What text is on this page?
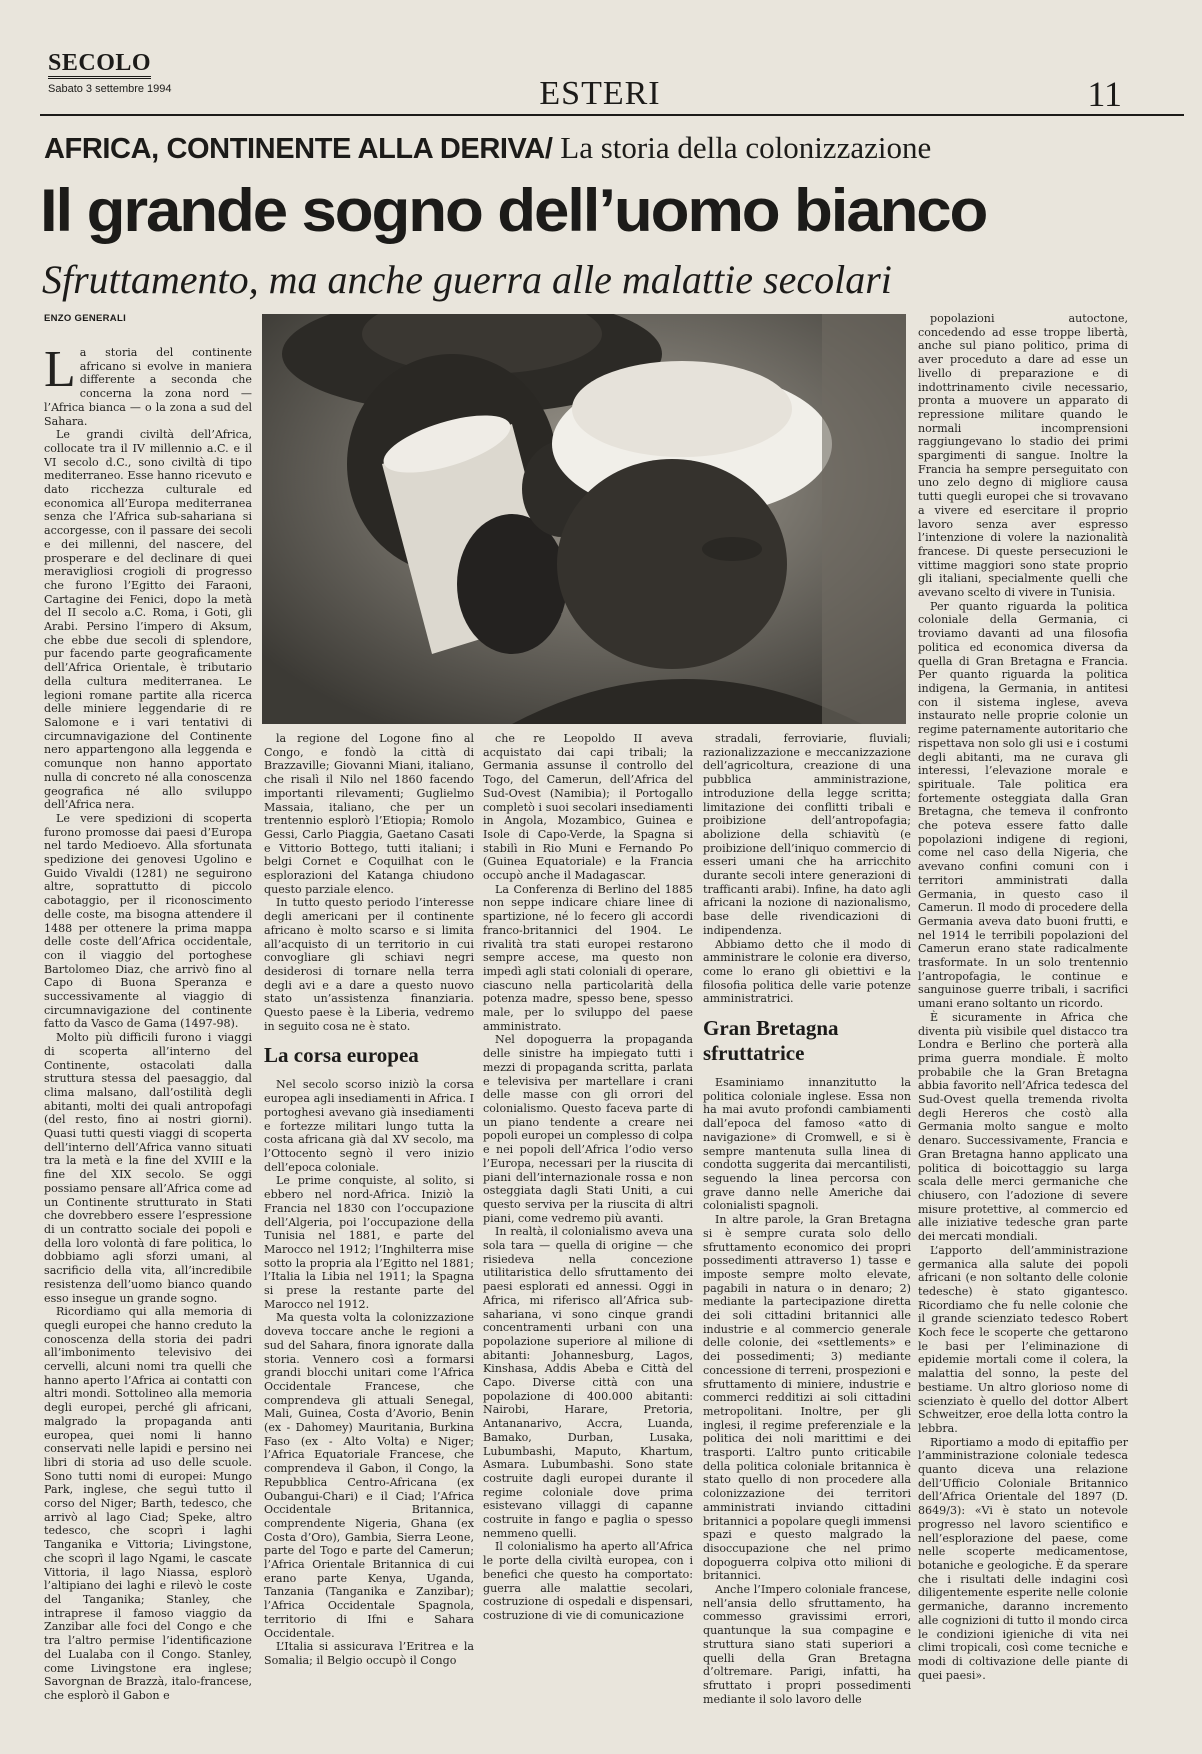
SECOLO
Sabato 3 settembre 1994	ESTERI	11
AFRICA, CONTINENTE ALLA DERIVA/ La storia della colonizzazione
Il grande sogno dell’uomo bianco
Sfruttamento, ma anche guerra alle malattie secolari
ENZO GENERALI

La storia del continente africano si evolve in maniera differente a seconda che concerna la zona nord — l’Africa bianca — o la zona a sud del Sahara.

Le grandi civiltà dell’Africa, collocate tra il IV millennio a.C. e il VI secolo d.C., sono civiltà di tipo mediterraneo. Esse hanno ricevuto e dato ricchezza culturale ed economica all’Europa mediterranea senza che l’Africa sub-sahariana si accorgesse, con il passare dei secoli e dei millenni, del nascere, del prosperare e del declinare di quei meravigliosi crogioli di progresso che furono l’Egitto dei Faraoni, Cartagine dei Fenici, dopo la metà del II secolo a.C. Roma, i Goti, gli Arabi. Persino l’impero di Aksum, che ebbe due secoli di splendore, pur facendo parte geograficamente dell’Africa Orientale, è tributario della cultura mediterranea. Le legioni romane partite alla ricerca delle miniere leggendarie di re Salomone e i vari tentativi di circumnavigazione del Continente nero appartengono alla leggenda e comunque non hanno apportato nulla di concreto né alla conoscenza geografica né allo sviluppo dell’Africa nera.

Le vere spedizioni di scoperta furono promosse dai paesi d’Europa nel tardo Medioevo. Alla sfortunata spedizione dei genovesi Ugolino e Guido Vivaldi (1281) ne seguirono altre, soprattutto di piccolo cabotaggio, per il riconoscimento delle coste, ma bisogna attendere il 1488 per ottenere la prima mappa delle coste dell’Africa occidentale, con il viaggio del portoghese Bartolomeo Diaz, che arrivò fino al Capo di Buona Speranza e successivamente al viaggio di circumnavigazione del continente fatto da Vasco de Gama (1497-98).

Molto più difficili furono i viaggi di scoperta all’interno del Continente, ostacolati dalla struttura stessa del paesaggio, dal clima malsano, dall’ostilità degli abitanti, molti dei quali antropofagi (del resto, fino ai nostri giorni). Quasi tutti questi viaggi di scoperta dell’interno dell’Africa vanno situati tra la metà e la fine del XVIII e la fine del XIX secolo. Se oggi possiamo pensare all’Africa come ad un Continente strutturato in Stati che dovrebbero essere l’espressione di un contratto sociale dei popoli e della loro volontà di fare politica, lo dobbiamo agli sforzi umani, al sacrificio della vita, all’incredibile resistenza dell’uomo bianco quando esso insegue un grande sogno.

Ricordiamo qui alla memoria di quegli europei che hanno creduto la conoscenza della storia dei padri all’imbonimento televisivo dei cervelli, alcuni nomi tra quelli che hanno aperto l’Africa ai contatti con altri mondi. Sottolineo alla memoria degli europei, perché gli africani, malgrado la propaganda anti europea, quei nomi li hanno conservati nelle lapidi e persino nei libri di storia ad uso delle scuole. Sono tutti nomi di europei: Mungo Park, inglese, che seguì tutto il corso del Niger; Barth, tedesco, che arrivò al lago Ciad; Speke, altro tedesco, che scoprì i laghi Tanganika e Vittoria; Livingstone, che scoprì il lago Ngami, le cascate Vittoria, il lago Niassa, esplorò l’altipiano dei laghi e rilevò le coste del Tanganika; Stanley, che intraprese il famoso viaggio da Zanzibar alle foci del Congo e che tra l’altro permise l’identificazione del Lualaba con il Congo. Stanley, come Livingstone era inglese; Savorgnan de Brazzà, italo-francese, che esplorò il Gabon e

la regione del Logone fino al Congo, e fondò la città di Brazzaville; Giovanni Miani, italiano, che risalì il Nilo nel 1860 facendo importanti rilevamenti; Guglielmo Massaia, italiano, che per un trentennio esplorò l’Etiopia; Romolo Gessi, Carlo Piaggia, Gaetano Casati e Vittorio Bottego, tutti italiani; i belgi Cornet e Coquilhat con le esplorazioni del Katanga chiudono questo parziale elenco.

In tutto questo periodo l’interesse degli americani per il continente africano è molto scarso e si limita all’acquisto di un territorio in cui convogliare gli schiavi negri desiderosi di tornare nella terra degli avi e a dare a questo nuovo stato un’assistenza finanziaria. Questo paese è la Liberia, vedremo in seguito cosa ne è stato.

La corsa europea

Nel secolo scorso iniziò la corsa europea agli insediamenti in Africa. I portoghesi avevano già insediamenti e fortezze militari lungo tutta la costa africana già dal XV secolo, ma l’Ottocento segnò il vero inizio dell’epoca coloniale.

Le prime conquiste, al solito, si ebbero nel nord-Africa. Iniziò la Francia nel 1830 con l’occupazione dell’Algeria, poi l’occupazione della Tunisia nel 1881, e parte del Marocco nel 1912; l’Inghilterra mise sotto la propria ala l’Egitto nel 1881; l’Italia la Libia nel 1911; la Spagna si prese la restante parte del Marocco nel 1912.

Ma questa volta la colonizzazione doveva toccare anche le regioni a sud del Sahara, finora ignorate dalla storia. Vennero così a formarsi grandi blocchi unitari come l’Africa Occidentale Francese, che comprendeva gli attuali Senegal, Mali, Guinea, Costa d’Avorio, Benin (ex - Dahomey) Mauritania, Burkina Faso (ex - Alto Volta) e Niger; l’Africa Equatoriale Francese, che comprendeva il Gabon, il Congo, la Repubblica Centro-Africana (ex Oubangui-Chari) e il Ciad; l’Africa Occidentale Britannica, comprendente Nigeria, Ghana (ex Costa d’Oro), Gambia, Sierra Leone, parte del Togo e parte del Camerun; l’Africa Orientale Britannica di cui erano parte Kenya, Uganda, Tanzania (Tanganika e Zanzibar); l’Africa Occidentale Spagnola, territorio di Ifni e Sahara Occidentale.

L’Italia si assicurava l’Eritrea e la Somalia; il Belgio occupò il Congo

che re Leopoldo II aveva acquistato dai capi tribali; la Germania assunse il controllo del Togo, del Camerun, dell’Africa del Sud-Ovest (Namibia); il Portogallo completò i suoi secolari insediamenti in Angola, Mozambico, Guinea e Isole di Capo-Verde, la Spagna si stabilì in Rio Muni e Fernando Po (Guinea Equatoriale) e la Francia occupò anche il Madagascar.

La Conferenza di Berlino del 1885 non seppe indicare chiare linee di spartizione, né lo fecero gli accordi franco-britannici del 1904. Le rivalità tra stati europei restarono sempre accese, ma questo non impedì agli stati coloniali di operare, ciascuno nella particolarità della potenza madre, spesso bene, spesso male, per lo sviluppo del paese amministrato.

Nel dopoguerra la propaganda delle sinistre ha impiegato tutti i mezzi di propaganda scritta, parlata e televisiva per martellare i crani delle masse con gli orrori del colonialismo. Questo faceva parte di un piano tendente a creare nei popoli europei un complesso di colpa e nei popoli dell’Africa l’odio verso l’Europa, necessari per la riuscita di piani dell’internazionale rossa e non osteggiata dagli Stati Uniti, a cui questo serviva per la riuscita di altri piani, come vedremo più avanti.

In realtà, il colonialismo aveva una sola tara — quella di origine — che risiedeva nella concezione utilitaristica dello sfruttamento dei paesi esplorati ed annessi. Oggi in Africa, mi riferisco all’Africa sub-sahariana, vi sono cinque grandi concentramenti urbani con una popolazione superiore al milione di abitanti: Johannesburg, Lagos, Kinshasa, Addis Abeba e Città del Capo. Diverse città con una popolazione di 400.000 abitanti: Nairobi, Harare, Pretoria, Antananarivo, Accra, Luanda, Bamako, Durban, Lusaka, Lubumbashi, Maputo, Khartum, Asmara. Lubumbashi. Sono state costruite dagli europei durante il regime coloniale dove prima esistevano villaggi di capanne costruite in fango e paglia o spesso nemmeno quelli.

Il colonialismo ha aperto all’Africa le porte della civiltà europea, con i benefici che questo ha comportato: guerra alle malattie secolari, costruzione di ospedali e dispensari, costruzione di vie di comunicazione

stradali, ferroviarie, fluviali; razionalizzazione e meccanizzazione dell’agricoltura, creazione di una pubblica amministrazione, introduzione della legge scritta; limitazione dei conflitti tribali e proibizione dell’antropofagia; abolizione della schiavitù (e proibizione dell’iniquo commercio di esseri umani che ha arricchito durante secoli intere generazioni di trafficanti arabi). Infine, ha dato agli africani la nozione di nazionalismo, base delle rivendicazioni di indipendenza.

Abbiamo detto che il modo di amministrare le colonie era diverso, come lo erano gli obiettivi e la filosofia politica delle varie potenze amministratrici.

Gran Bretagna sfruttatrice

Esaminiamo innanzitutto la politica coloniale inglese. Essa non ha mai avuto profondi cambiamenti dall’epoca del famoso «atto di navigazione» di Cromwell, e si è sempre mantenuta sulla linea di condotta suggerita dai mercantilisti, seguendo la linea percorsa con grave danno nelle Americhe dai colonialisti spagnoli.

In altre parole, la Gran Bretagna si è sempre curata solo dello sfruttamento economico dei propri possedimenti attraverso 1) tasse e imposte sempre molto elevate, pagabili in natura o in denaro; 2) mediante la partecipazione diretta dei soli cittadini britannici alle industrie e al commercio generale delle colonie, dei «settlements» e dei possedimenti; 3) mediante concessione di terreni, prospezioni e sfruttamento di miniere, industrie e commerci redditizi ai soli cittadini metropolitani. Inoltre, per gli inglesi, il regime preferenziale e la politica dei noli marittimi e dei trasporti. L’altro punto criticabile della politica coloniale britannica è stato quello di non procedere alla colonizzazione dei territori amministrati inviando cittadini britannici a popolare quegli immensi spazi e questo malgrado la disoccupazione che nel primo dopoguerra colpiva otto milioni di britannici.

Anche l’Impero coloniale francese, nell’ansia dello sfruttamento, ha commesso gravissimi errori, quantunque la sua compagine e struttura siano stati superiori a quelli della Gran Bretagna d’oltremare. Parigi, infatti, ha sfruttato i propri possedimenti mediante il solo lavoro delle

popolazioni autoctone, concedendo ad esse troppe libertà, anche sul piano politico, prima di aver proceduto a dare ad esse un livello di preparazione e di indottrinamento civile necessario, pronta a muovere un apparato di repressione militare quando le normali incomprensioni raggiungevano lo stadio dei primi spargimenti di sangue. Inoltre la Francia ha sempre perseguitato con uno zelo degno di migliore causa tutti quegli europei che si trovavano a vivere ed esercitare il proprio lavoro senza aver espresso l’intenzione di volere la nazionalità francese. Di queste persecuzioni le vittime maggiori sono state proprio gli italiani, specialmente quelli che avevano scelto di vivere in Tunisia.

Per quanto riguarda la politica coloniale della Germania, ci troviamo davanti ad una filosofia politica ed economica diversa da quella di Gran Bretagna e Francia. Per quanto riguarda la politica indigena, la Germania, in antitesi con il sistema inglese, aveva instaurato nelle proprie colonie un regime paternamente autoritario che rispettava non solo gli usi e i costumi degli abitanti, ma ne curava gli interessi, l’elevazione morale e spirituale. Tale politica era fortemente osteggiata dalla Gran Bretagna, che temeva il confronto che poteva essere fatto dalle popolazioni indigene di regioni, come nel caso della Nigeria, che avevano confini comuni con i territori amministrati dalla Germania, in questo caso il Camerun. Il modo di procedere della Germania aveva dato buoni frutti, e nel 1914 le terribili popolazioni del Camerun erano state radicalmente trasformate. In un solo trentennio l’antropofagia, le continue e sanguinose guerre tribali, i sacrifici umani erano soltanto un ricordo.

È sicuramente in Africa che diventa più visibile quel distacco tra Londra e Berlino che porterà alla prima guerra mondiale. È molto probabile che la Gran Bretagna abbia favorito nell’Africa tedesca del Sud-Ovest quella tremenda rivolta degli Hereros che costò alla Germania molto sangue e molto denaro. Successivamente, Francia e Gran Bretagna hanno applicato una politica di boicottaggio su larga scala delle merci germaniche che chiusero, con l’adozione di severe misure protettive, al commercio ed alle iniziative tedesche gran parte dei mercati mondiali.

L’apporto dell’amministrazione germanica alla salute dei popoli africani (e non soltanto delle colonie tedesche) è stato gigantesco. Ricordiamo che fu nelle colonie che il grande scienziato tedesco Robert Koch fece le scoperte che gettarono le basi per l’eliminazione di epidemie mortali come il colera, la malattia del sonno, la peste del bestiame. Un altro glorioso nome di scienziato è quello del dottor Albert Schweitzer, eroe della lotta contro la lebbra.

Riportiamo a modo di epitaffio per l’amministrazione coloniale tedesca quanto diceva una relazione dell’Ufficio Coloniale Britannico dell’Africa Orientale del 1897 (D. 8649/3): «Vi è stato un notevole progresso nel lavoro scientifico e nell’esplorazione del paese, come nelle scoperte medicamentose, botaniche e geologiche. È da sperare che i risultati delle indagini così diligentemente esperite nelle colonie germaniche, daranno incremento alle cognizioni di tutto il mondo circa le condizioni igieniche di vita nei climi tropicali, così come tecniche e modi di coltivazione delle piante di quei paesi».
